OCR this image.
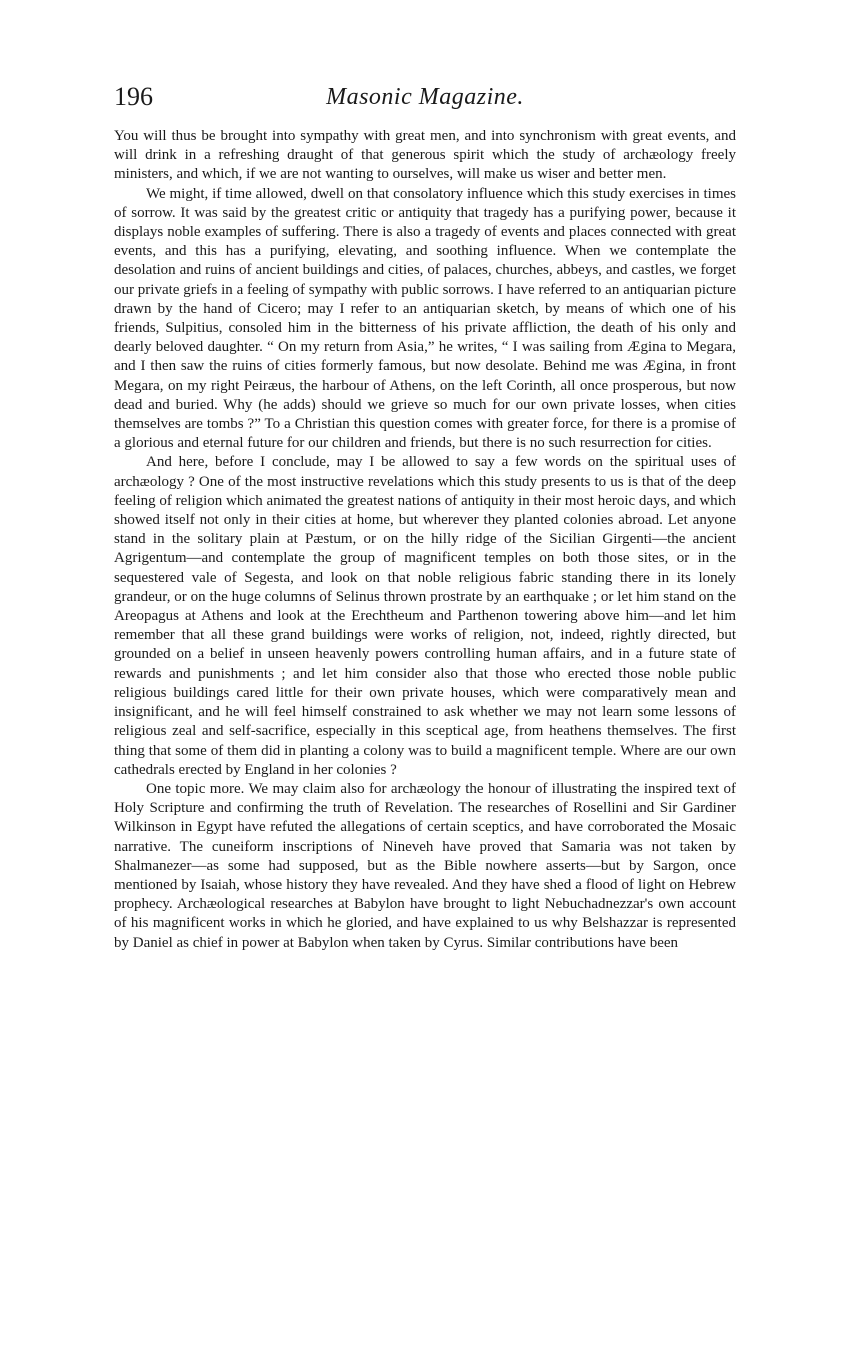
196	Masonic Magazine.

You will thus be brought into sympathy with great men, and into synchronism with great events, and will drink in a refreshing draught of that generous spirit which the study of archæology freely ministers, and which, if we are not wanting to ourselves, will make us wiser and better men.

We might, if time allowed, dwell on that consolatory influence which this study exercises in times of sorrow. It was said by the greatest critic or antiquity that tragedy has a purifying power, because it displays noble examples of suffering. There is also a tragedy of events and places connected with great events, and this has a purifying, elevating, and soothing influence. When we contemplate the desolation and ruins of ancient buildings and cities, of palaces, churches, abbeys, and castles, we forget our private griefs in a feeling of sympathy with public sorrows. I have referred to an antiquarian picture drawn by the hand of Cicero; may I refer to an antiquarian sketch, by means of which one of his friends, Sulpitius, consoled him in the bitterness of his private affliction, the death of his only and dearly beloved daughter. “ On my return from Asia,” he writes, “ I was sailing from Ægina to Megara, and I then saw the ruins of cities formerly famous, but now desolate. Behind me was Ægina, in front Megara, on my right Peiræus, the harbour of Athens, on the left Corinth, all once prosperous, but now dead and buried. Why (he adds) should we grieve so much for our own private losses, when cities themselves are tombs ?” To a Christian this question comes with greater force, for there is a promise of a glorious and eternal future for our children and friends, but there is no such resurrection for cities.

And here, before I conclude, may I be allowed to say a few words on the spiritual uses of archæology ? One of the most instructive revelations which this study presents to us is that of the deep feeling of religion which animated the greatest nations of antiquity in their most heroic days, and which showed itself not only in their cities at home, but wherever they planted colonies abroad. Let anyone stand in the solitary plain at Pæstum, or on the hilly ridge of the Sicilian Girgenti—the ancient Agrigentum—and contemplate the group of magnificent temples on both those sites, or in the sequestered vale of Segesta, and look on that noble religious fabric standing there in its lonely grandeur, or on the huge columns of Selinus thrown prostrate by an earthquake ; or let him stand on the Areopagus at Athens and look at the Erechtheum and Parthenon towering above him—and let him remember that all these grand buildings were works of religion, not, indeed, rightly directed, but grounded on a belief in unseen heavenly powers controlling human affairs, and in a future state of rewards and punishments ; and let him consider also that those who erected those noble public religious buildings cared little for their own private houses, which were comparatively mean and insignificant, and he will feel himself constrained to ask whether we may not learn some lessons of religious zeal and self-sacrifice, especially in this sceptical age, from heathens themselves. The first thing that some of them did in planting a colony was to build a magnificent temple. Where are our own cathedrals erected by England in her colonies ?

One topic more. We may claim also for archæology the honour of illustrating the inspired text of Holy Scripture and confirming the truth of Revelation. The researches of Rosellini and Sir Gardiner Wilkinson in Egypt have refuted the allegations of certain sceptics, and have corroborated the Mosaic narrative. The cuneiform inscriptions of Nineveh have proved that Samaria was not taken by Shalmanezer—as some had supposed, but as the Bible nowhere asserts—but by Sargon, once mentioned by Isaiah, whose history they have revealed. And they have shed a flood of light on Hebrew prophecy. Archæological researches at Babylon have brought to light Nebuchadnezzar's own account of his magnificent works in which he gloried, and have explained to us why Belshazzar is represented by Daniel as chief in power at Babylon when taken by Cyrus. Similar contributions have been
